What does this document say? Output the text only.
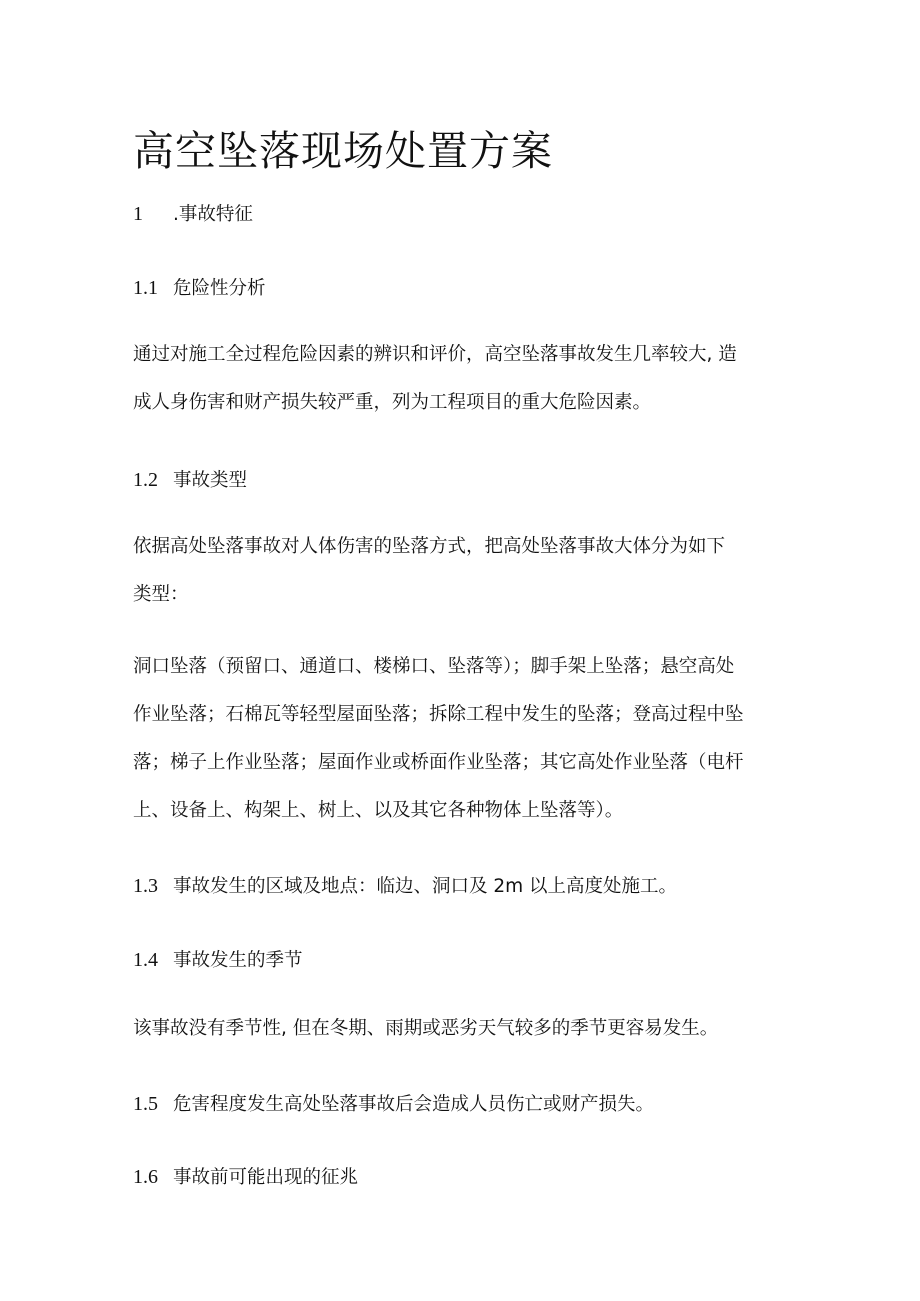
高空坠落现场处置方案

1 .事故特征

1.1 危险性分析

通过对施工全过程危险因素的辨识和评价，高空坠落事故发生几率较大, 造
成人身伤害和财产损失较严重，列为工程项目的重大危险因素。

1.2 事故类型

依据高处坠落事故对人体伤害的坠落方式，把高处坠落事故大体分为如下
类型：
洞口坠落（预留口、通道口、楼梯口、坠落等）；脚手架上坠落；悬空高处
作业坠落；石棉瓦等轻型屋面坠落；拆除工程中发生的坠落；登高过程中坠
落；梯子上作业坠落；屋面作业或桥面作业坠落；其它高处作业坠落（电杆
上、设备上、构架上、树上、以及其它各种物体上坠落等）。

1.3 事故发生的区域及地点：临边、洞口及 2m 以上高度处施工。

1.4 事故发生的季节

该事故没有季节性, 但在冬期、雨期或恶劣天气较多的季节更容易发生。

1.5 危害程度发生高处坠落事故后会造成人员伤亡或财产损失。

1.6 事故前可能出现的征兆
